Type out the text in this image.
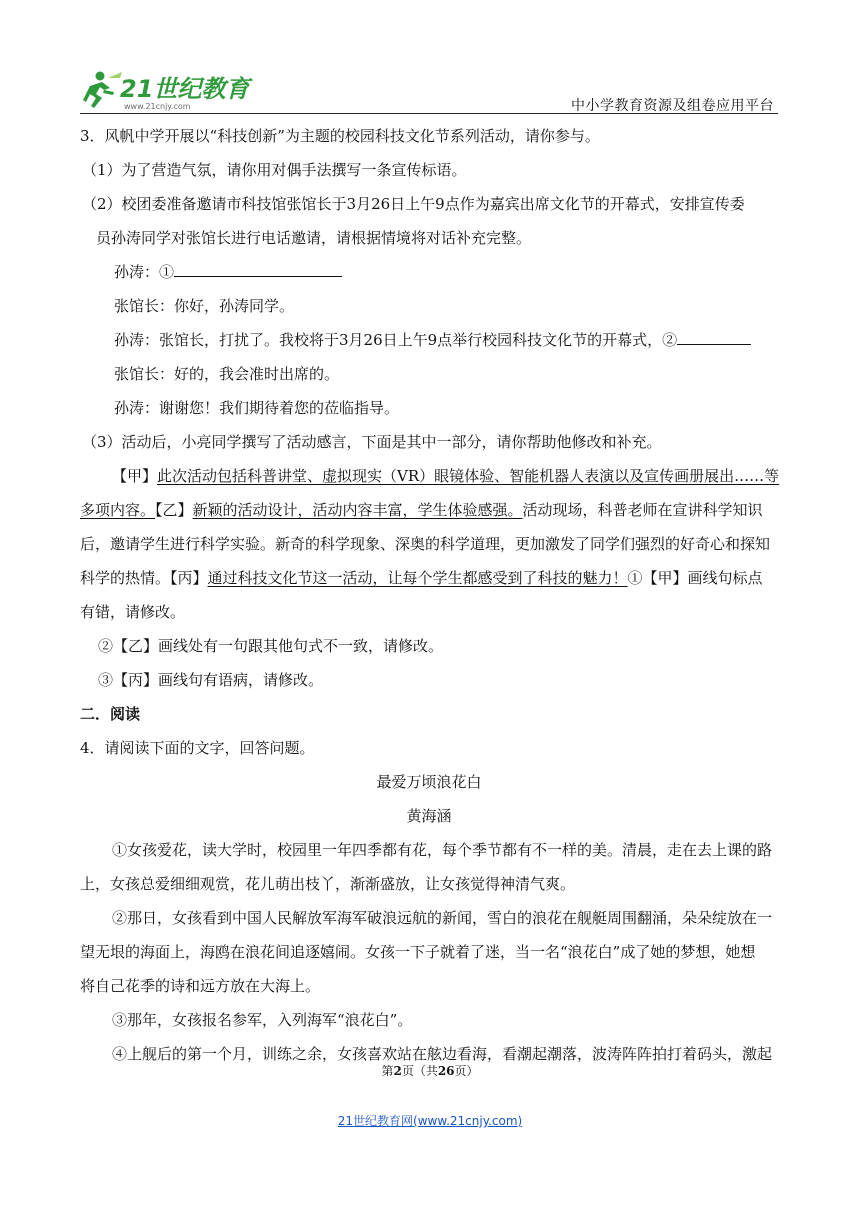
21世纪教育
www.21cnjy.com	中小学教育资源及组卷应用平台
3．风帆中学开展以“科技创新”为主题的校园科技文化节系列活动，请你参与。
（1）为了营造气氛，请你用对偶手法撰写一条宣传标语。
（2）校团委准备邀请市科技馆张馆长于3月26日上午9点作为嘉宾出席文化节的开幕式，安排宣传委
员孙涛同学对张馆长进行电话邀请，请根据情境将对话补充完整。
孙涛：①
张馆长：你好，孙涛同学。
孙涛：张馆长，打扰了。我校将于3月26日上午9点举行校园科技文化节的开幕式，②
张馆长：好的，我会准时出席的。
孙涛：谢谢您！我们期待着您的莅临指导。
（3）活动后，小亮同学撰写了活动感言，下面是其中一部分，请你帮助他修改和补充。
【甲】此次活动包括科普讲堂、虚拟现实（VR）眼镜体验、智能机器人表演以及宣传画册展出……等
多项内容。【乙】新颖的活动设计，活动内容丰富，学生体验感强。活动现场，科普老师在宣讲科学知识
后，邀请学生进行科学实验。新奇的科学现象、深奥的科学道理，更加激发了同学们强烈的好奇心和探知
科学的热情。【丙】通过科技文化节这一活动，让每个学生都感受到了科技的魅力！①【甲】画线句标点
有错，请修改。
②【乙】画线处有一句跟其他句式不一致，请修改。
③【丙】画线句有语病，请修改。
二．阅读
4．请阅读下面的文字，回答问题。
最爱万顷浪花白
黄海涵
①女孩爱花，读大学时，校园里一年四季都有花，每个季节都有不一样的美。清晨，走在去上课的路
上，女孩总爱细细观赏，花儿萌出枝丫，渐渐盛放，让女孩觉得神清气爽。
②那日，女孩看到中国人民解放军海军破浪远航的新闻，雪白的浪花在舰艇周围翻涌，朵朵绽放在一
望无垠的海面上，海鸥在浪花间追逐嬉闹。女孩一下子就着了迷，当一名“浪花白”成了她的梦想，她想
将自己花季的诗和远方放在大海上。
③那年，女孩报名参军，入列海军“浪花白”。
④上舰后的第一个月，训练之余，女孩喜欢站在舷边看海，看潮起潮落，波涛阵阵拍打着码头，激起
第2页（共26页）
21世纪教育网(www.21cnjy.com)
